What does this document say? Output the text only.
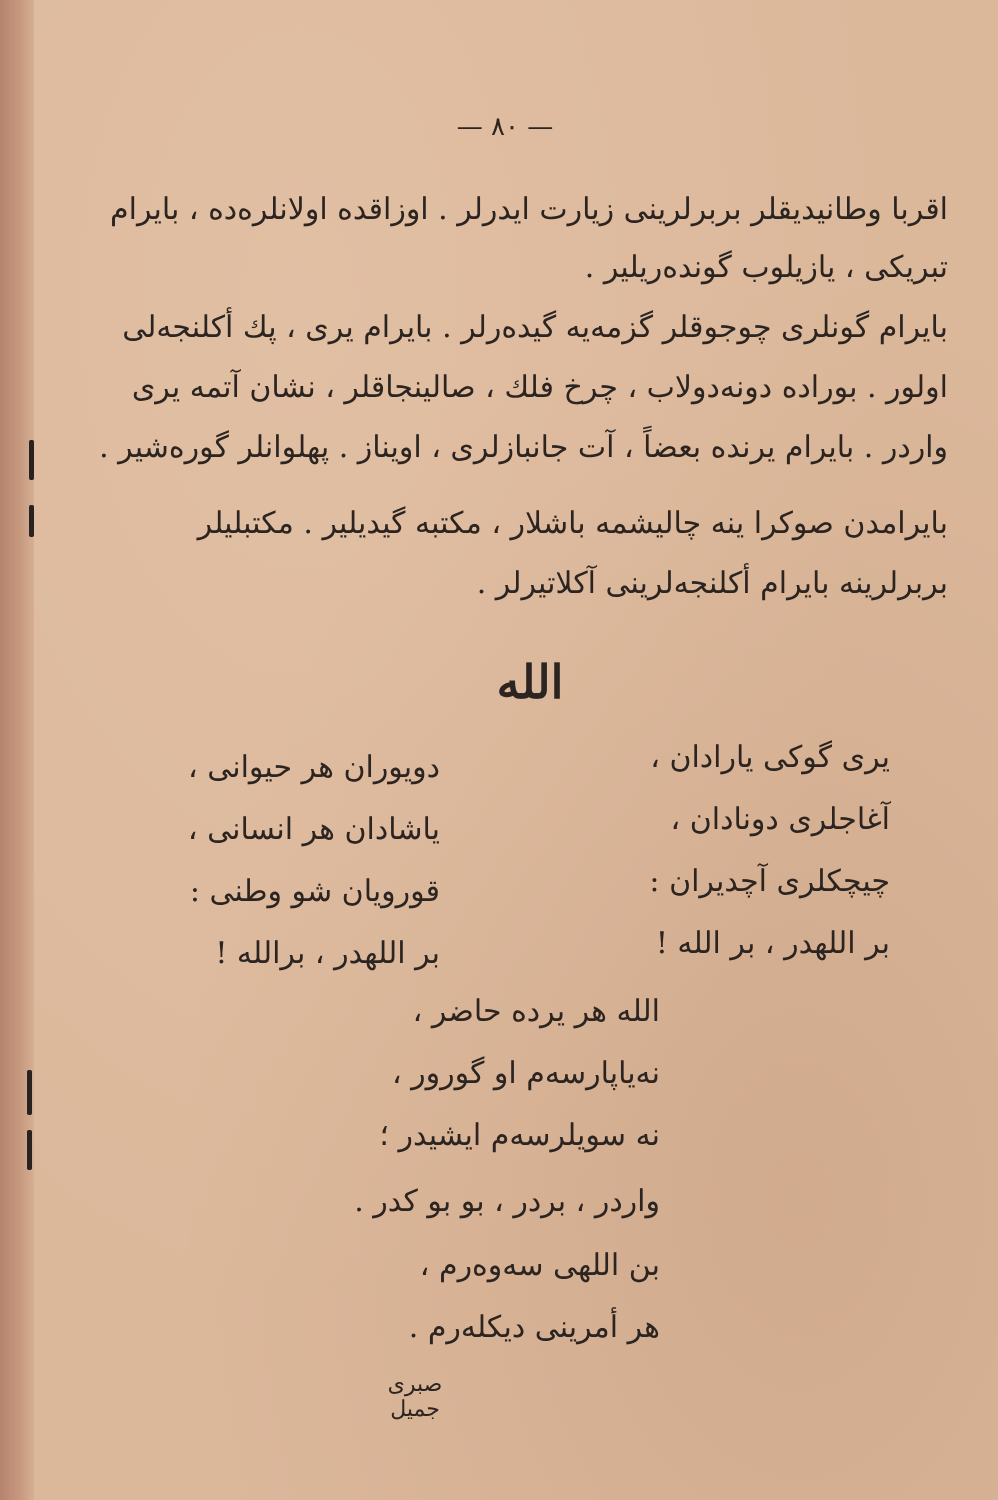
— ٨٠ —
اقربا وطانیدیقلر بربرلرینی زیارت ایدرلر . اوزاقده اولانلره‌ده ، بایرام
تبریکی ، یازیلوب گونده‌ریلیر .
بایرام گونلری چوجوقلر گزمه‌یه گیده‌رلر . بایرام یری ، پك أكلنجه‌لی
اولور . بوراده دونه‌دولاب ، چرخ فلك ، صالینجاقلر ، نشان آتمه یری
واردر . بایرام یرنده بعضاً ، آت جانبازلری ، اویناز . پهلوانلر گوره‌شیر .
بایرامدن صوكرا ینه چالیشمه باشلار ، مكتبه گیدیلیر . مكتبلیلر
بربرلرینه بایرام أكلنجه‌لرینی آكلاتیرلر .
الله
یری گوكی یارادان ،
آغاجلری دونادان ،
چیچكلری آچدیران :
بر اللهدر ، بر الله !
دویوران هر حیوانی ،
یاشادان هر انسانی ،
قورویان شو وطنی :
بر اللهدر ، برالله !
الله هر یرده حاضر ،
نه‌یاپارسه‌م او گورور ،
نه سویلرسه‌م ایشیدر ؛
واردر ، بردر ، بو بو كدر .
بن اللهی سه‌وه‌رم ،
هر أمرینی دیكله‌رم .
صبری جمیل
